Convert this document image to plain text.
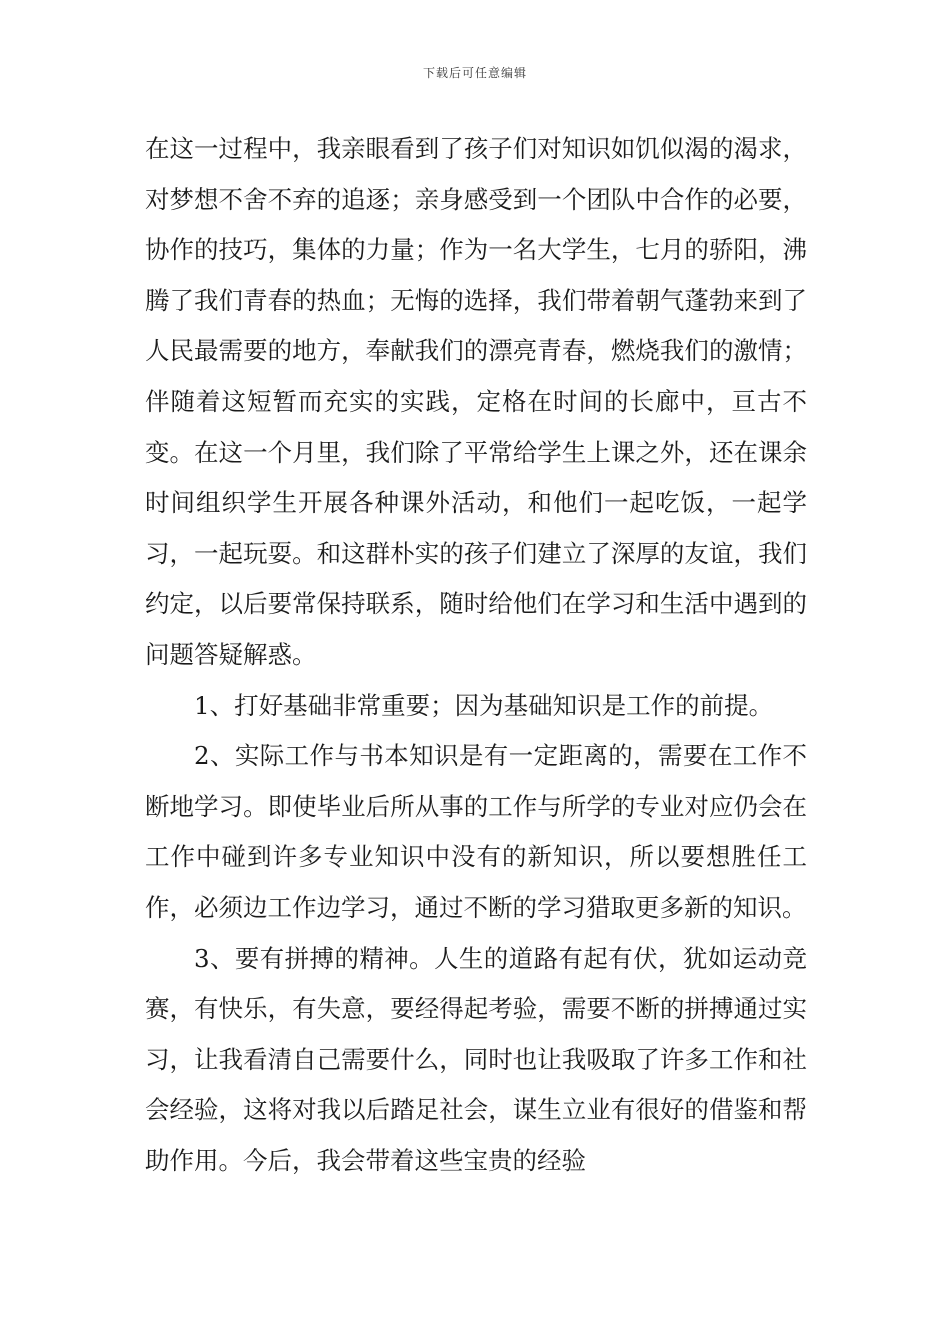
下载后可任意编辑

在这一过程中，我亲眼看到了孩子们对知识如饥似渴的渴求，对梦想不舍不弃的追逐；亲身感受到一个团队中合作的必要，协作的技巧，集体的力量；作为一名大学生，七月的骄阳，沸腾了我们青春的热血；无悔的选择，我们带着朝气蓬勃来到了人民最需要的地方，奉献我们的漂亮青春，燃烧我们的激情；伴随着这短暂而充实的实践，定格在时间的长廊中，亘古不变。在这一个月里，我们除了平常给学生上课之外，还在课余时间组织学生开展各种课外活动，和他们一起吃饭，一起学习，一起玩耍。和这群朴实的孩子们建立了深厚的友谊，我们约定，以后要常保持联系，随时给他们在学习和生活中遇到的问题答疑解惑。

1、打好基础非常重要；因为基础知识是工作的前提。

2、实际工作与书本知识是有一定距离的，需要在工作不断地学习。即使毕业后所从事的工作与所学的专业对应仍会在工作中碰到许多专业知识中没有的新知识，所以要想胜任工作，必须边工作边学习，通过不断的学习猎取更多新的知识。

3、要有拼搏的精神。人生的道路有起有伏，犹如运动竞赛，有快乐，有失意，要经得起考验，需要不断的拼搏通过实习，让我看清自己需要什么，同时也让我吸取了许多工作和社会经验，这将对我以后踏足社会，谋生立业有很好的借鉴和帮助作用。今后，我会带着这些宝贵的经验
